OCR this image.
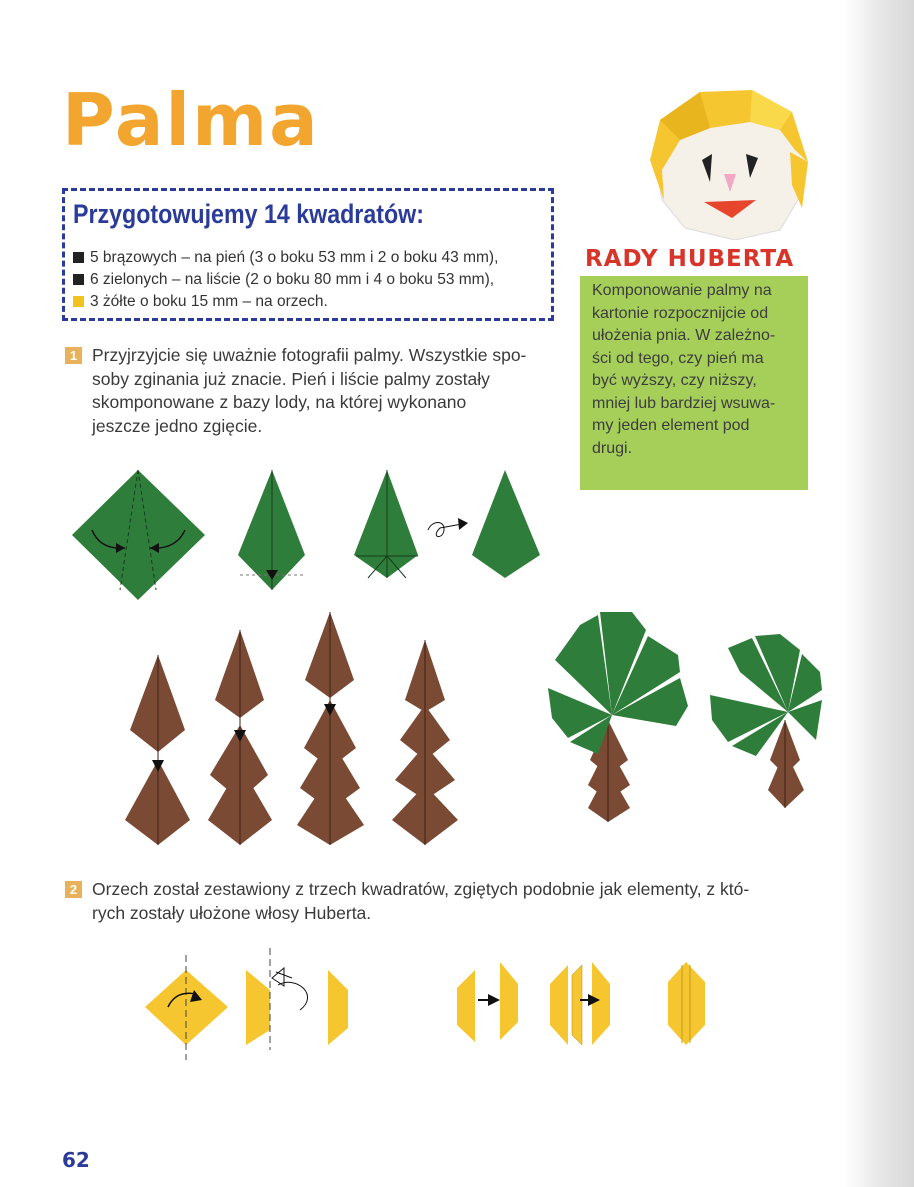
Palma
Przygotowujemy 14 kwadratów:
5 brązowych – na pień (3 o boku 53 mm i 2 o boku 43 mm),
6 zielonych – na liście (2 o boku 80 mm i 4 o boku 53 mm),
3 żółte o boku 15 mm – na orzech.
1 Przyjrzyjcie się uważnie fotografii palmy. Wszystkie spo-
soby zginania już znacie. Pień i liście palmy zostały
skomponowane z bazy lody, na której wykonano
jeszcze jedno zgięcie.
2 Orzech został zestawiony z trzech kwadratów, zgiętych podobnie jak elementy, z któ-
rych zostały ułożone włosy Huberta.
RADY HUBERTA
Komponowanie palmy na
kartonie rozpocznijcie od
ułożenia pnia. W zależno-
ści od tego, czy pień ma
być wyższy, czy niższy,
mniej lub bardziej wsuwa-
my jeden element pod
drugi.
62
